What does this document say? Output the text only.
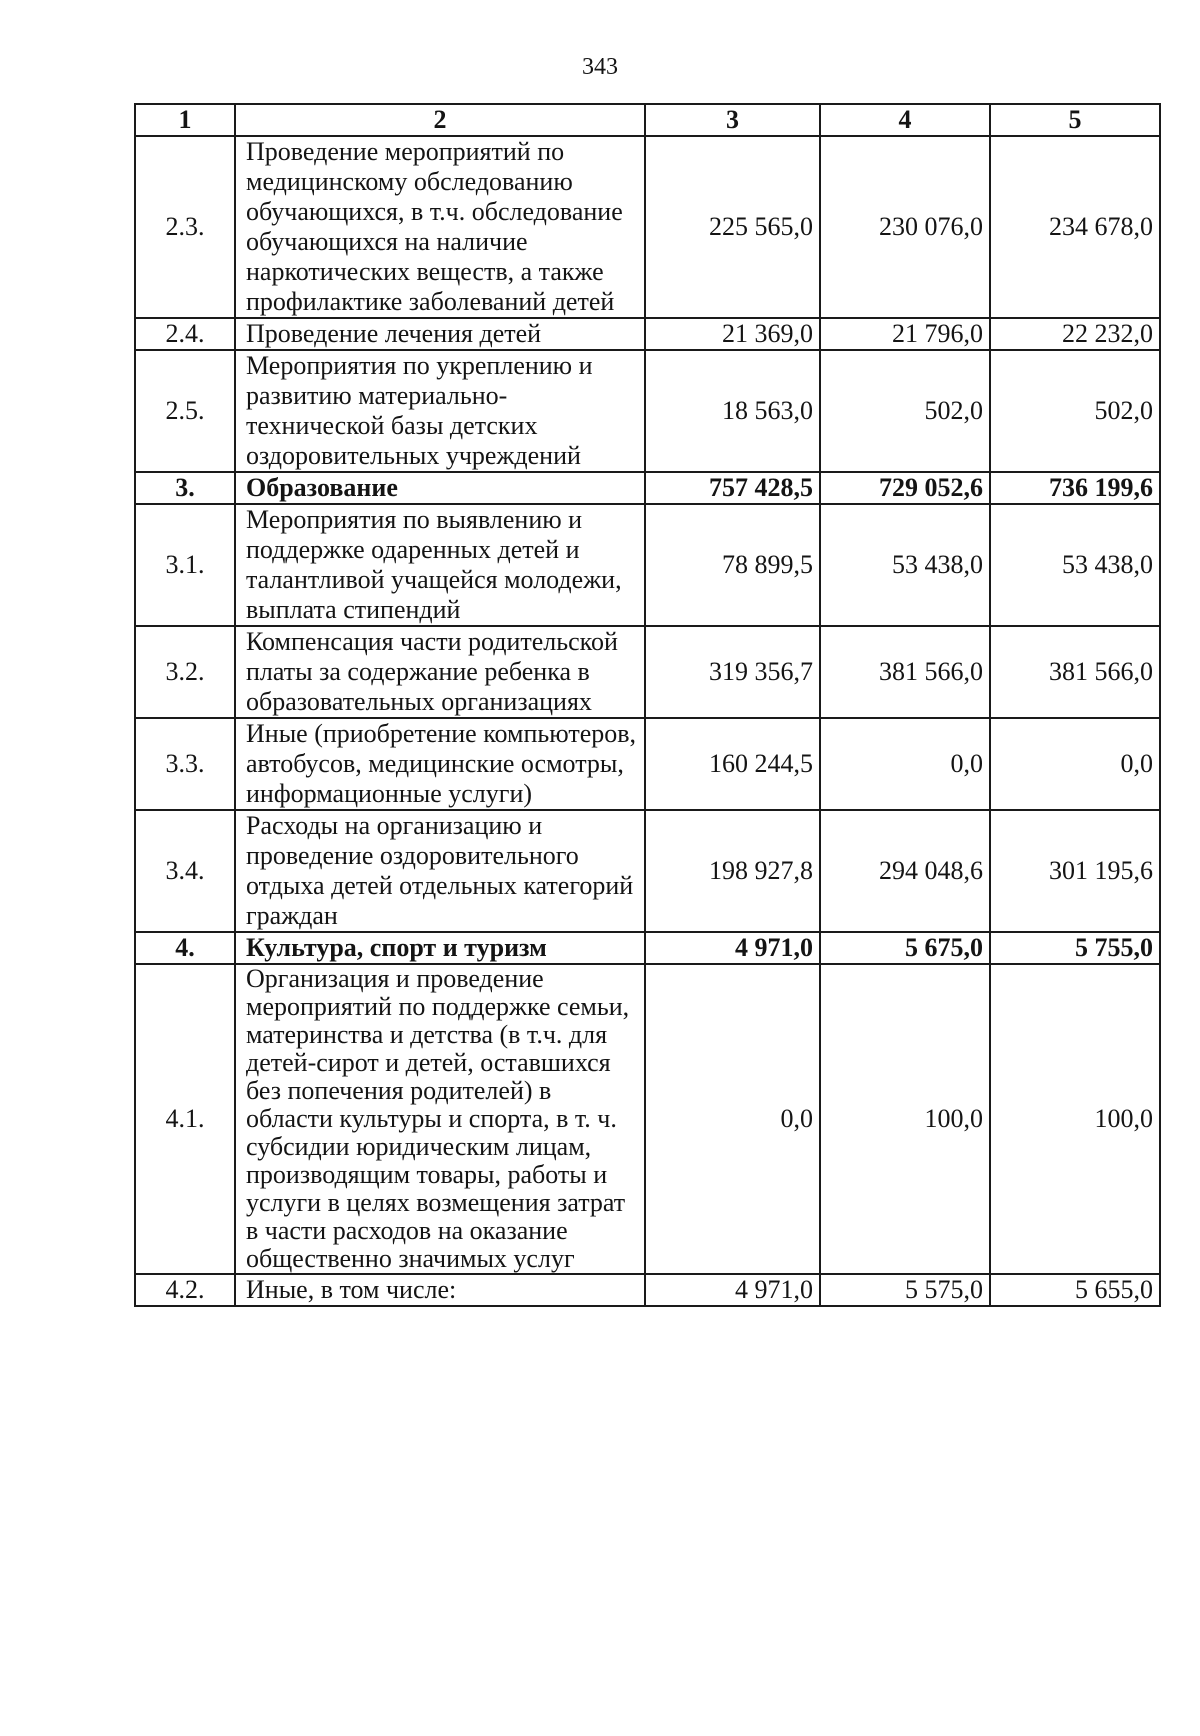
343
1	2	3	4	5
2.3.	Проведение мероприятий по медицинскому обследованию обучающихся, в т.ч. обследование обучающихся на наличие наркотических веществ, а также профилактике заболеваний детей	225 565,0	230 076,0	234 678,0
2.4.	Проведение лечения детей	21 369,0	21 796,0	22 232,0
2.5.	Мероприятия по укреплению и развитию материально-технической базы детских оздоровительных учреждений	18 563,0	502,0	502,0
3.	Образование	757 428,5	729 052,6	736 199,6
3.1.	Мероприятия по выявлению и поддержке одаренных детей и талантливой учащейся молодежи, выплата стипендий	78 899,5	53 438,0	53 438,0
3.2.	Компенсация части родительской платы за содержание ребенка в образовательных организациях	319 356,7	381 566,0	381 566,0
3.3.	Иные (приобретение компьютеров, автобусов, медицинские осмотры, информационные услуги)	160 244,5	0,0	0,0
3.4.	Расходы на организацию и проведение оздоровительного отдыха детей отдельных категорий граждан	198 927,8	294 048,6	301 195,6
4.	Культура, спорт и туризм	4 971,0	5 675,0	5 755,0
4.1.	Организация и проведение мероприятий по поддержке семьи, материнства и детства (в т.ч. для детей-сирот и детей, оставшихся без попечения родителей) в области культуры и спорта, в т. ч. субсидии юридическим лицам, производящим товары, работы и услуги в целях возмещения затрат в части расходов на оказание общественно значимых услуг	0,0	100,0	100,0
4.2.	Иные, в том числе:	4 971,0	5 575,0	5 655,0
